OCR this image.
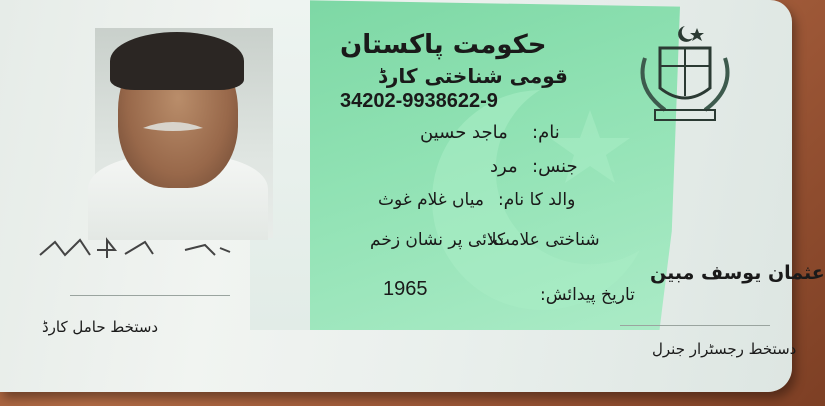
حکومت پاکستان
قومی شناختی کارڈ
34202-9938622-9
نام:
ماجد حسین
جنس:
مرد
والد کا نام:
میاں غلام غوث
شناختی علامت:
کلائی پر نشان زخم
تاریخ پیدائش:
1965
دستخط حامل کارڈ
عثمان یوسف مبین
دستخط رجسٹرار جنرل
